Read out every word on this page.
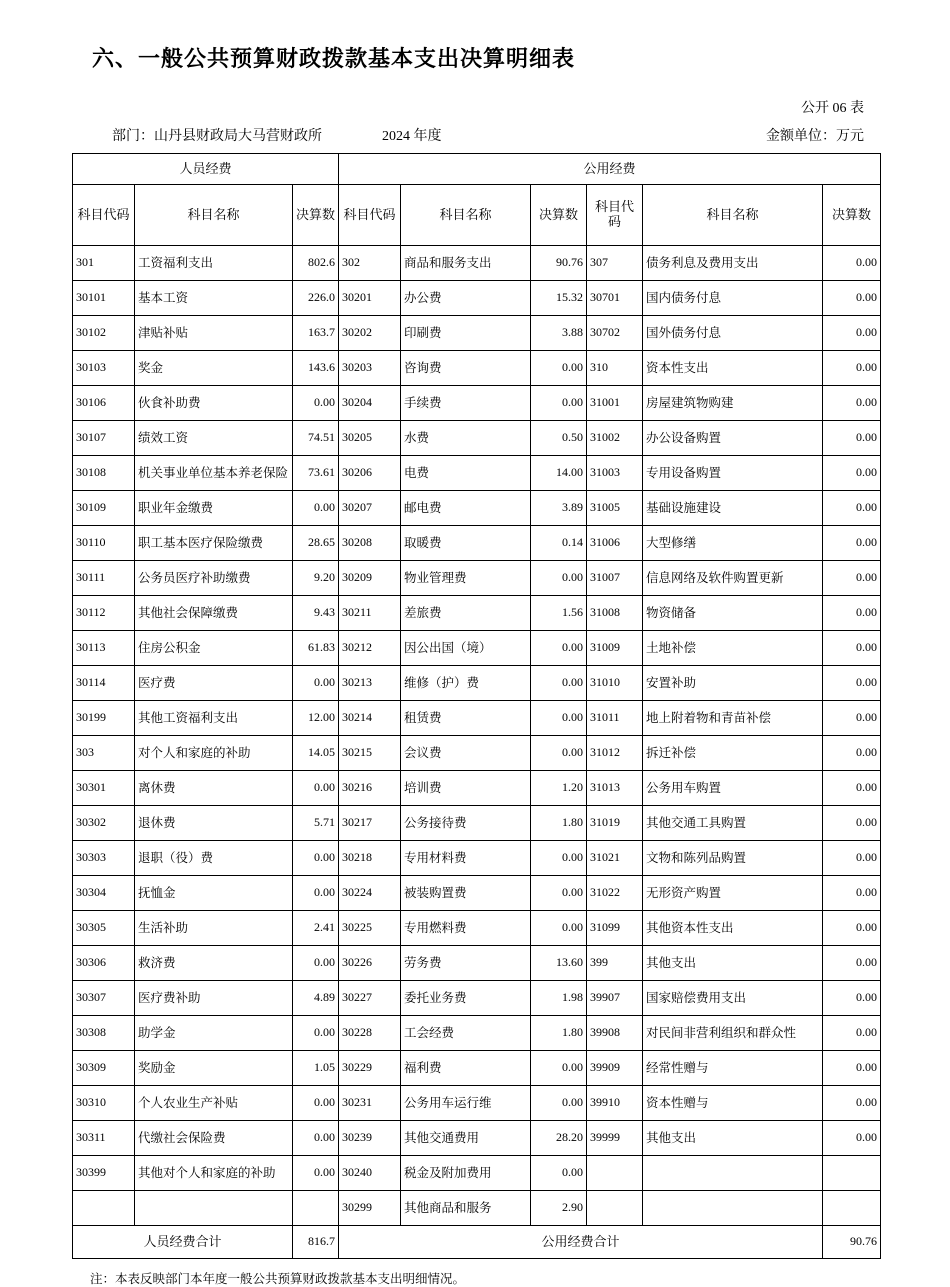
六、一般公共预算财政拨款基本支出决算明细表
公开 06 表
部门：山丹县财政局大马营财政所	2024 年度	金额单位：万元
人员经费			公用经费					
科目代码	科目名称	决算数	科目代码	科目名称	决算数	科目代码	科目名称	决算数
301	工资福利支出	802.6	302	商品和服务支出	90.76	307	债务利息及费用支出	0.00
30101	基本工资	226.0	30201	办公费	15.32	30701	国内债务付息	0.00
30102	津贴补贴	163.7	30202	印刷费	3.88	30702	国外债务付息	0.00
30103	奖金	143.6	30203	咨询费	0.00	310	资本性支出	0.00
30106	伙食补助费	0.00	30204	手续费	0.00	31001	房屋建筑物购建	0.00
30107	绩效工资	74.51	30205	水费	0.50	31002	办公设备购置	0.00
30108	机关事业单位基本养老保险	73.61	30206	电费	14.00	31003	专用设备购置	0.00
30109	职业年金缴费	0.00	30207	邮电费	3.89	31005	基础设施建设	0.00
30110	职工基本医疗保险缴费	28.65	30208	取暖费	0.14	31006	大型修缮	0.00
30111	公务员医疗补助缴费	9.20	30209	物业管理费	0.00	31007	信息网络及软件购置更新	0.00
30112	其他社会保障缴费	9.43	30211	差旅费	1.56	31008	物资储备	0.00
30113	住房公积金	61.83	30212	因公出国（境）	0.00	31009	土地补偿	0.00
30114	医疗费	0.00	30213	维修（护）费	0.00	31010	安置补助	0.00
30199	其他工资福利支出	12.00	30214	租赁费	0.00	31011	地上附着物和青苗补偿	0.00
303	对个人和家庭的补助	14.05	30215	会议费	0.00	31012	拆迁补偿	0.00
30301	离休费	0.00	30216	培训费	1.20	31013	公务用车购置	0.00
30302	退休费	5.71	30217	公务接待费	1.80	31019	其他交通工具购置	0.00
30303	退职（役）费	0.00	30218	专用材料费	0.00	31021	文物和陈列品购置	0.00
30304	抚恤金	0.00	30224	被装购置费	0.00	31022	无形资产购置	0.00
30305	生活补助	2.41	30225	专用燃料费	0.00	31099	其他资本性支出	0.00
30306	救济费	0.00	30226	劳务费	13.60	399	其他支出	0.00
30307	医疗费补助	4.89	30227	委托业务费	1.98	39907	国家赔偿费用支出	0.00
30308	助学金	0.00	30228	工会经费	1.80	39908	对民间非营利组织和群众性	0.00
30309	奖励金	1.05	30229	福利费	0.00	39909	经常性赠与	0.00
30310	个人农业生产补贴	0.00	30231	公务用车运行维	0.00	39910	资本性赠与	0.00
30311	代缴社会保险费	0.00	30239	其他交通费用	28.20	39999	其他支出	0.00
30399	其他对个人和家庭的补助	0.00	30240	税金及附加费用	0.00			
			30299	其他商品和服务	2.90			
人员经费合计		816.7	公用经费合计					90.76
注：本表反映部门本年度一般公共预算财政拨款基本支出明细情况。
